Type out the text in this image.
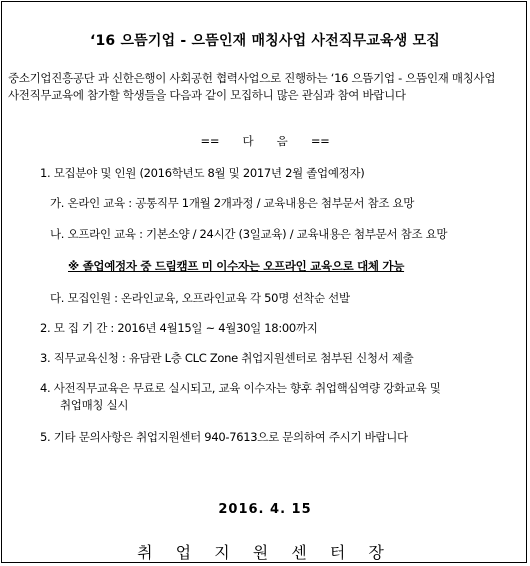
‘16 으뜸기업 - 으뜸인재 매칭사업 사전직무교육생 모집
중소기업진흥공단 과 신한은행이 사회공헌 협력사업으로 진행하는 ‘16 으뜸기업 - 으뜸인재 매칭사업 사전직무교육에 참가할 학생들을 다음과 같이 모집하니 많은 관심과 참여 바랍니다
== 다 음 ==
1. 모집분야 및 인원 (2016학년도 8월 및 2017년 2월 졸업예정자)
가. 온라인 교육 : 공통직무 1개월 2개과정 / 교육내용은 첨부문서 참조 요망
나. 오프라인 교육 : 기본소양 / 24시간 (3일교육) / 교육내용은 첨부문서 참조 요망
※ 졸업예정자 중 드림캠프 미 이수자는 오프라인 교육으로 대체 가능
다. 모집인원 : 온라인교육, 오프라인교육 각 50명 선착순 선발
2. 모 집 기 간 : 2016년 4월15일 ~ 4월30일 18:00까지
3. 직무교육신청 : 유담관 L층 CLC Zone 취업지원센터로 첨부된 신청서 제출
4. 사전직무교육은 무료로 실시되고, 교육 이수자는 향후 취업핵심역량 강화교육 및
취업매칭 실시
5. 기타 문의사항은 취업지원센터 940-7613으로 문의하여 주시기 바랍니다
2016. 4. 15
취 업 지 원 센 터 장
